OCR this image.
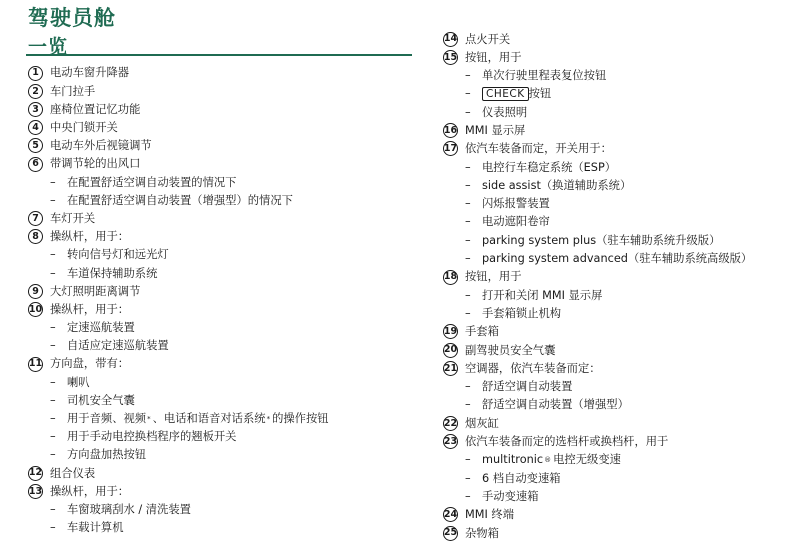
驾驶员舱
一览
1 电动车窗升降器
2 车门拉手
3 座椅位置记忆功能
4 中央门锁开关
5 电动车外后视镜调节
6 带调节轮的出风口
–	在配置舒适空调自动装置的情况下
–	在配置舒适空调自动装置（增强型）的情况下
7 车灯开关
8 操纵杆，用于：
–	转向信号灯和远光灯
–	车道保持辅助系统
9 大灯照明距离调节
10 操纵杆，用于：
–	定速巡航装置
–	自适应定速巡航装置
11 方向盘，带有：
–	喇叭
–	司机安全气囊
–	用于音频、视频 * 、电话和语音对话系统 * 的操作按钮
–	用于手动电控换档程序的翘板开关
–	方向盘加热按钮
12 组合仪表
13 操纵杆，用于：
–	车窗玻璃刮水 / 清洗装置
–	车载计算机
14 点火开关
15 按钮，用于
–	单次行驶里程表复位按钮
–	CHECK 按钮
–	仪表照明
16 MMI 显示屏
17 依汽车装备而定，开关用于：
–	电控行车稳定系统（ESP）
–	side assist（换道辅助系统）
–	闪烁报警装置
–	电动遮阳卷帘
–	parking system plus（驻车辅助系统升级版）
–	parking system advanced（驻车辅助系统高级版）
18 按钮，用于
–	打开和关闭 MMI 显示屏
–	手套箱锁止机构
19 手套箱
20 副驾驶员安全气囊
21 空调器，依汽车装备而定：
–	舒适空调自动装置
–	舒适空调自动装置（增强型）
22 烟灰缸
23 依汽车装备而定的选档杆或换档杆，用于
–	multitronic ® 电控无级变速
–	6 档自动变速箱
–	手动变速箱
24 MMI 终端
25 杂物箱
